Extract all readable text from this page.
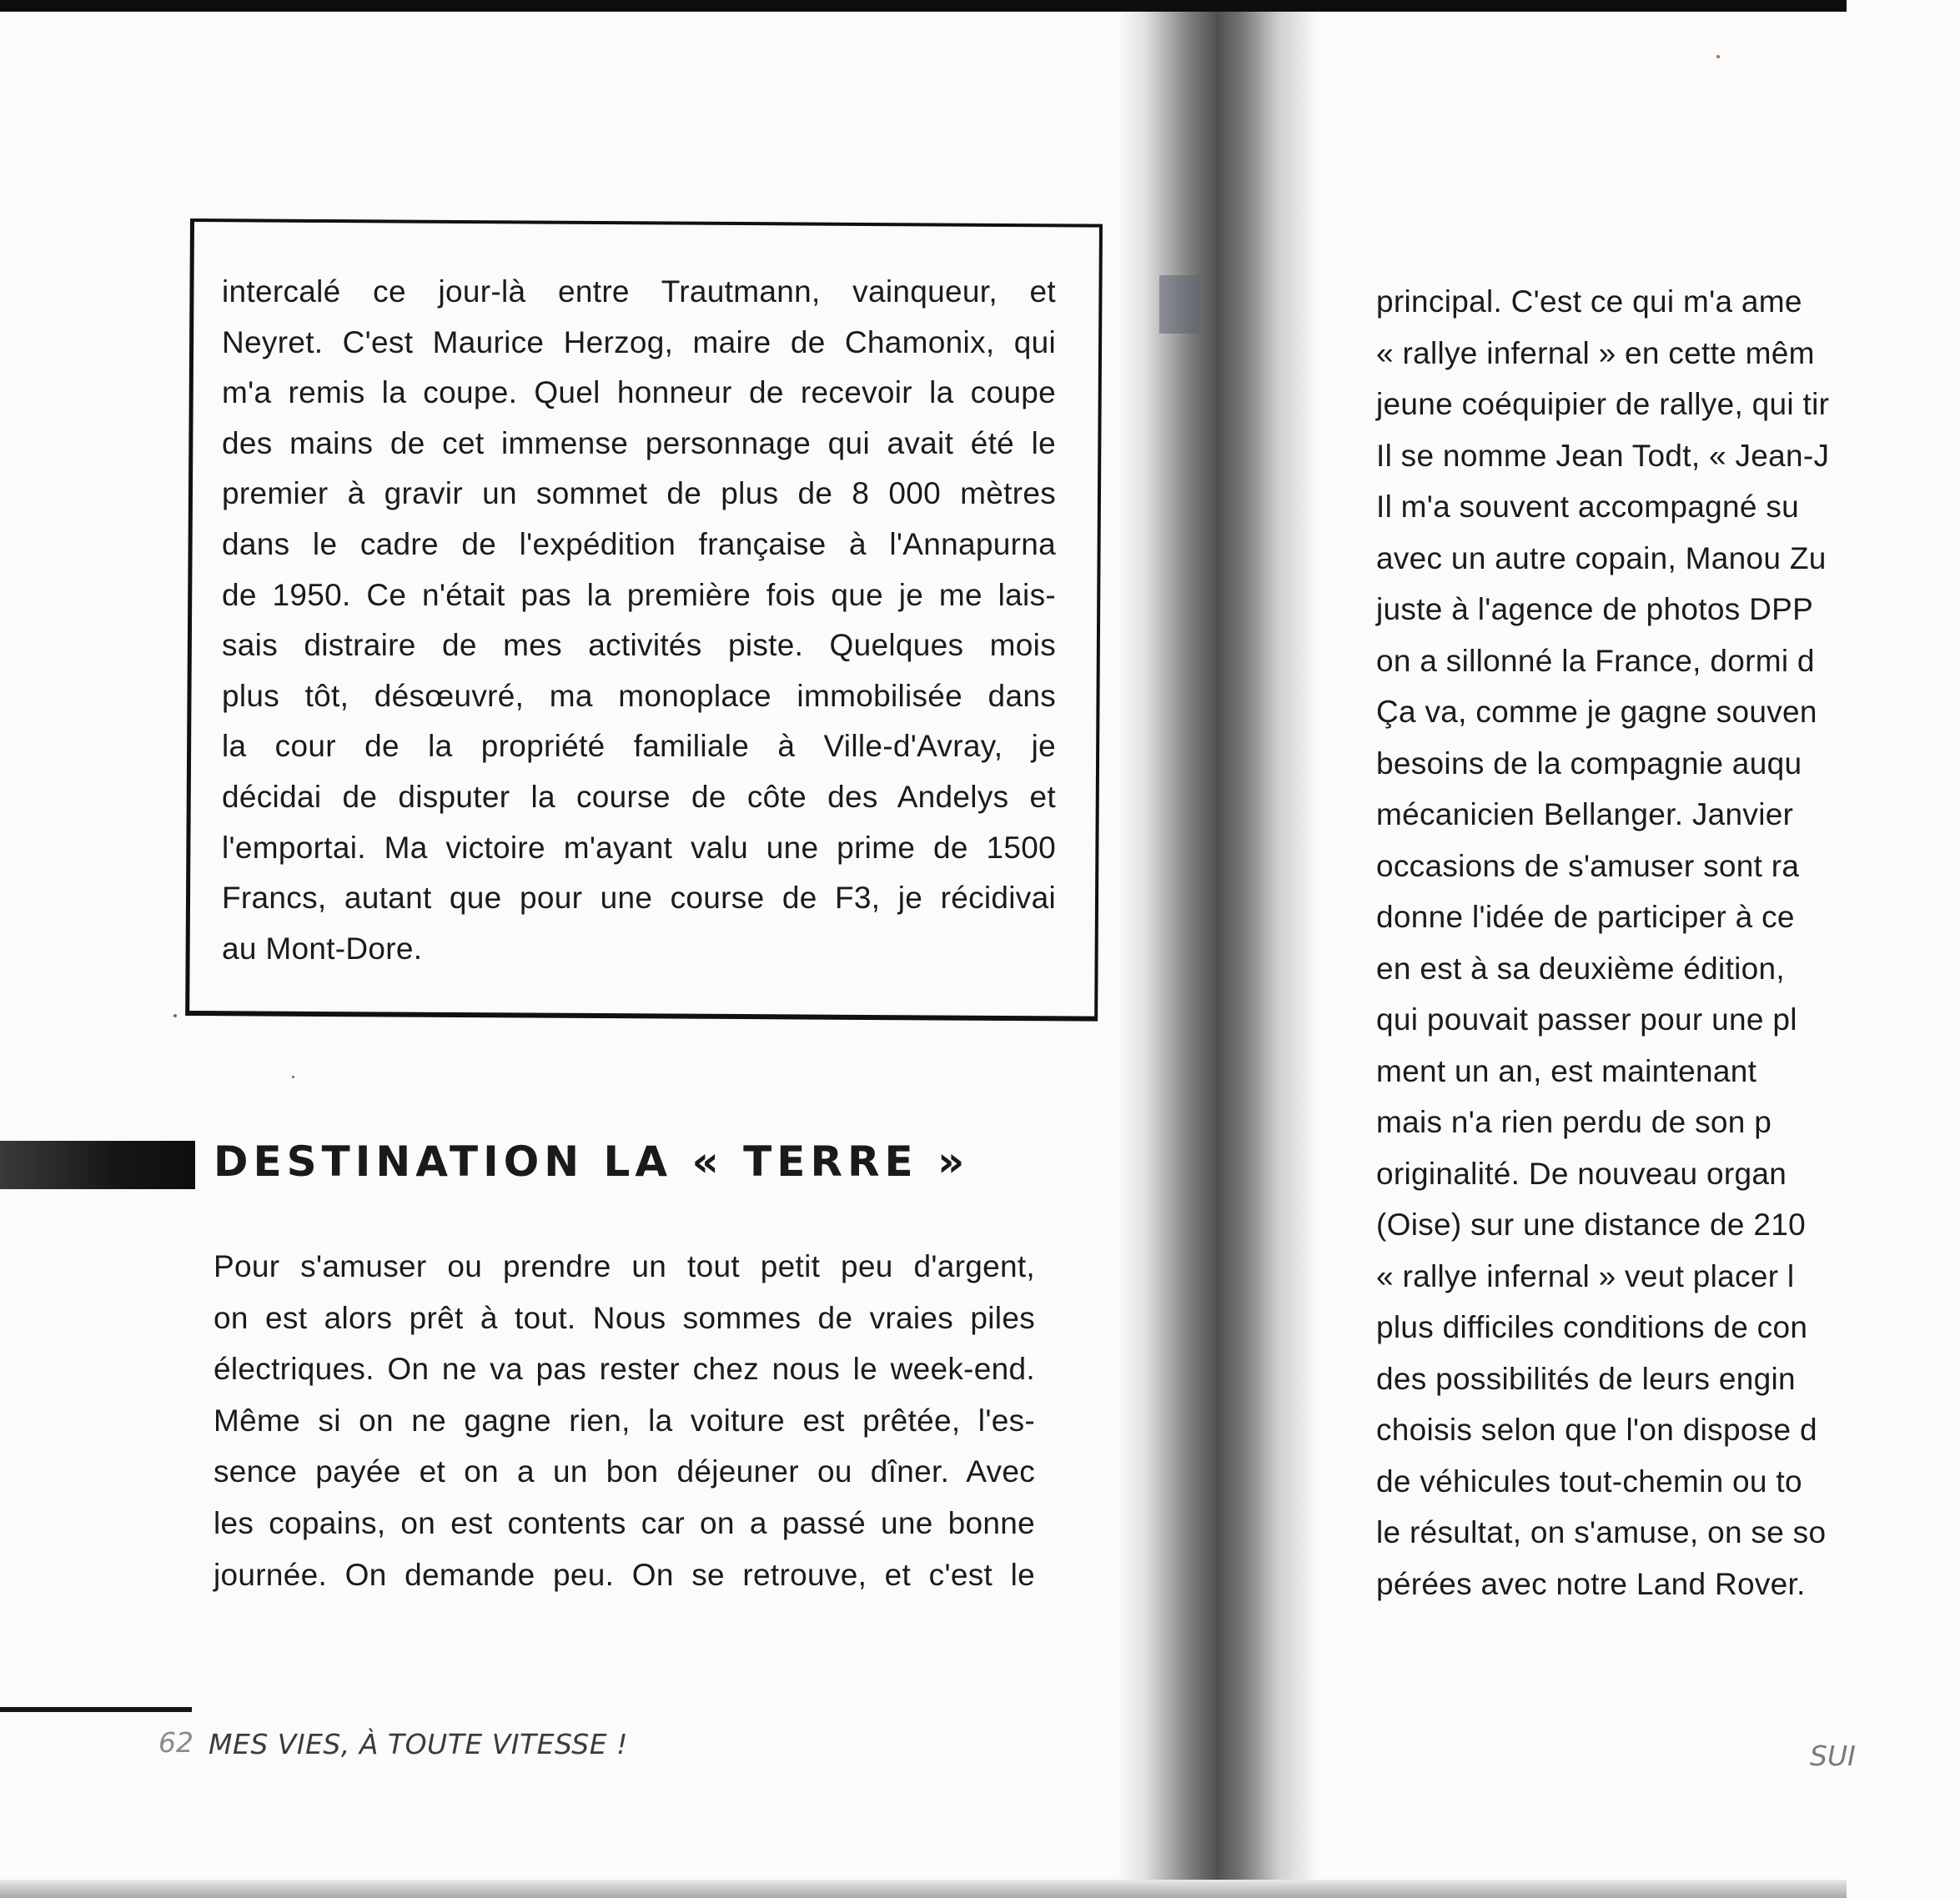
intercalé ce jour-là entre Trautmann, vainqueur, et
Neyret. C'est Maurice Herzog, maire de Chamonix, qui
m'a remis la coupe. Quel honneur de recevoir la coupe
des mains de cet immense personnage qui avait été le
premier à gravir un sommet de plus de 8 000 mètres
dans le cadre de l'expédition française à l'Annapurna
de 1950. Ce n'était pas la première fois que je me lais-
sais distraire de mes activités piste. Quelques mois
plus tôt, désœuvré, ma monoplace immobilisée dans
la cour de la propriété familiale à Ville-d'Avray, je
décidai de disputer la course de côte des Andelys et
l'emportai. Ma victoire m'ayant valu une prime de 1500
Francs, autant que pour une course de F3, je récidivai
au Mont-Dore.

DESTINATION LA « TERRE »

Pour s'amuser ou prendre un tout petit peu d'argent,
on est alors prêt à tout. Nous sommes de vraies piles
électriques. On ne va pas rester chez nous le week-end.
Même si on ne gagne rien, la voiture est prêtée, l'es-
sence payée et on a un bon déjeuner ou dîner. Avec
les copains, on est contents car on a passé une bonne
journée. On demande peu. On se retrouve, et c'est le

62 MES VIES, À TOUTE VITESSE !

principal. C'est ce qui m'a ame
« rallye infernal » en cette mêm
jeune coéquipier de rallye, qui tir
Il se nomme Jean Todt, « Jean-J
Il m'a souvent accompagné su
avec un autre copain, Manou Zu
juste à l'agence de photos DPP
on a sillonné la France, dormi d
Ça va, comme je gagne souven
besoins de la compagnie auqu
mécanicien Bellanger. Janvier
occasions de s'amuser sont ra
donne l'idée de participer à ce
en est à sa deuxième édition,
qui pouvait passer pour une pl
ment un an, est maintenant
mais n'a rien perdu de son p
originalité. De nouveau organ
(Oise) sur une distance de 210
« rallye infernal » veut placer l
plus difficiles conditions de con
des possibilités de leurs engin
choisis selon que l'on dispose d
de véhicules tout-chemin ou to
le résultat, on s'amuse, on se so
pérées avec notre Land Rover.

SUI
